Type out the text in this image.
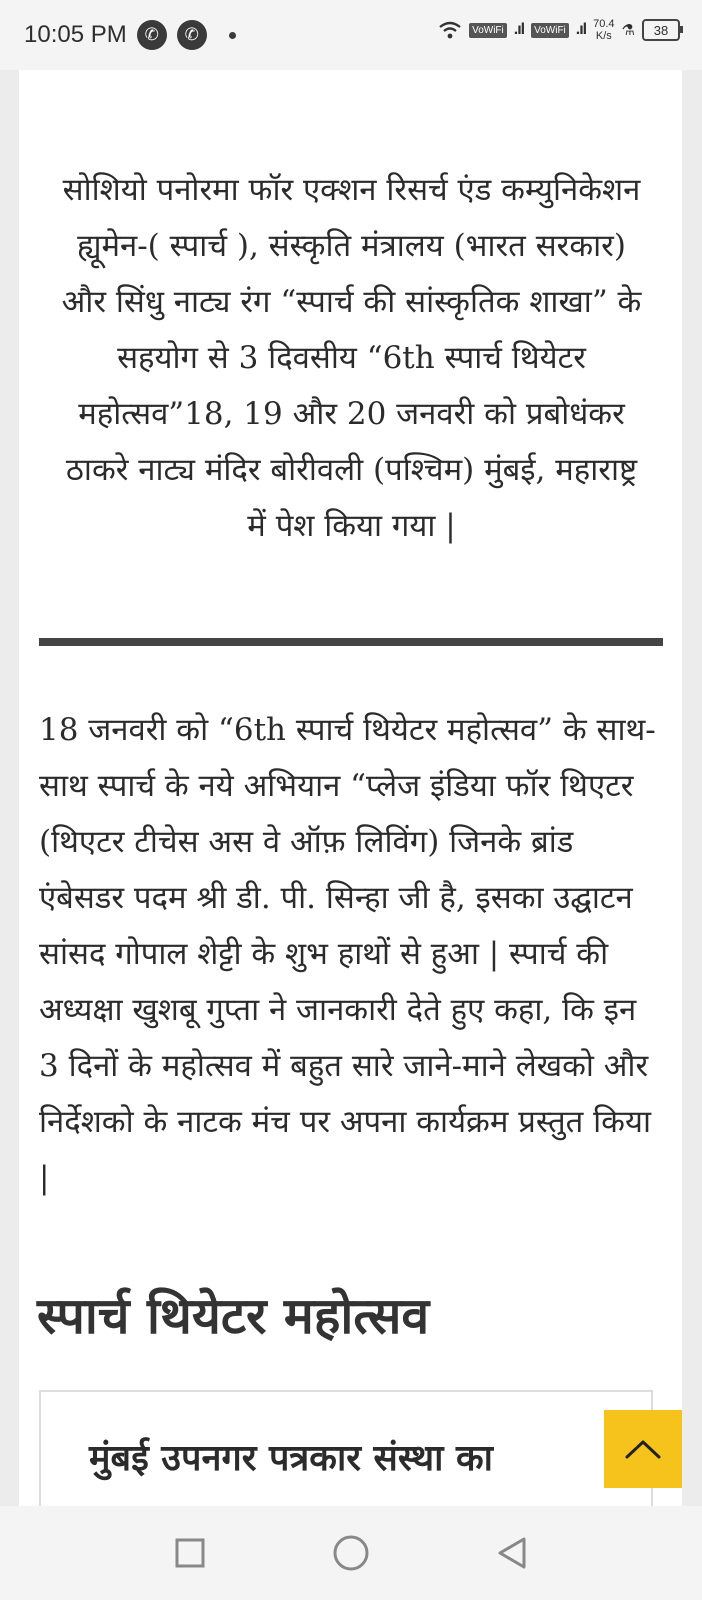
10:05 PM	✆	✆	VoWiFi .ıl	VoWiFi .ıl 70.4
K/s ⚗ 38

सोशियो पनोरमा फॉर एक्शन रिसर्च एंड कम्युनिकेशन ह्यूमेन-( स्पार्च ), संस्कृति मंत्रालय (भारत सरकार) और सिंधु नाट्य रंग “स्पार्च की सांस्कृतिक शाखा” के सहयोग से 3 दिवसीय “6th स्पार्च थियेटर महोत्सव”18, 19 और 20 जनवरी को प्रबोधंकर ठाकरे नाट्य मंदिर बोरीवली (पश्चिम) मुंबई, महाराष्ट्र में पेश किया गया |

18 जनवरी को “6th स्पार्च थियेटर महोत्सव” के साथ-साथ स्पार्च के नये अभियान “प्लेज इंडिया फॉर थिएटर (थिएटर टीचेस अस वे ऑफ़ लिविंग) जिनके ब्रांड एंबेसडर पदम श्री डी. पी. सिन्हा जी है, इसका उद्घाटन सांसद गोपाल शेट्टी के शुभ हाथों से हुआ | स्पार्च की अध्यक्षा खुशबू गुप्ता ने जानकारी देते हुए कहा, कि इन 3 दिनों के महोत्सव में बहुत सारे जाने-माने लेखको और निर्देशको के नाटक मंच पर अपना कार्यक्रम प्रस्तुत किया |

स्पार्च थियेटर महोत्सव
मुंबई उपनगर पत्रकार संस्था का
